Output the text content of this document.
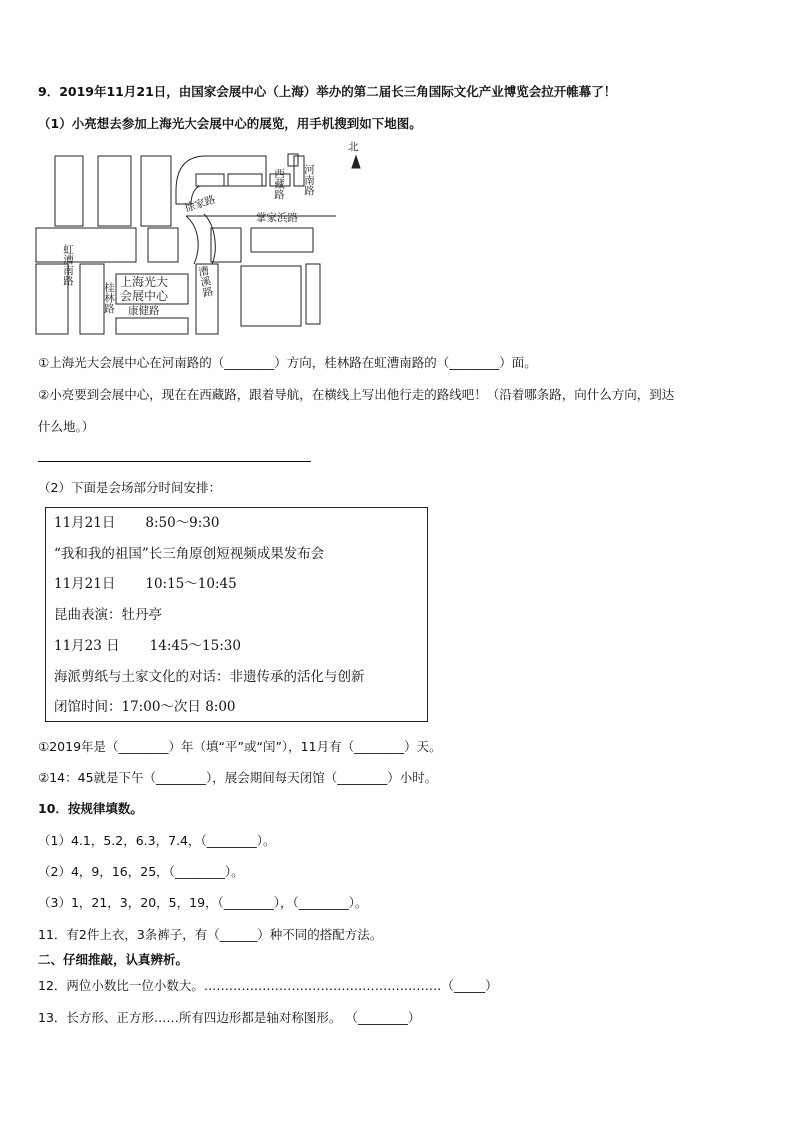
9．2019年11月21日，由国家会展中心（上海）举办的第二届长三角国际文化产业博览会拉开帷幕了！
（1）小亮想去参加上海光大会展中心的展览，用手机搜到如下地图。
北
河南路
西藏路
徐家路
掌家浜路
虹漕南路
桂林路	漕溪路
康健路
上海光大
会展中心
①上海光大会展中心在河南路的（________）方向，桂林路在虹漕南路的（________）面。
②小亮要到会展中心，现在在西藏路，跟着导航，在横线上写出他行走的路线吧！（沿着哪条路，向什么方向，到达
什么地。）
（2）下面是会场部分时间安排：
11月21日 8:50～9:30
“我和我的祖国”长三角原创短视频成果发布会
11月21日 10:15～10:45
昆曲表演：牡丹亭
11月23 日 14:45～15:30
海派剪纸与土家文化的对话：非遗传承的活化与创新
闭馆时间：17:00～次日 8:00
①2019年是（________）年（填“平”或“闰”），11月有（________）天。
②14：45就是下午（________），展会期间每天闭馆（________）小时。
10．按规律填数。
（1）4.1，5.2，6.3，7.4，（________）。
（2）4，9，16，25，（________）。
（3）1，21，3，20，5，19，（________），（________）。
11．有2件上衣，3条裤子，有（______）种不同的搭配方法。
二、仔细推敲，认真辨析。
12．两位小数比一位小数大。…………………………………………………（_____）
13．长方形、正方形……所有四边形都是轴对称图形。 （________）
